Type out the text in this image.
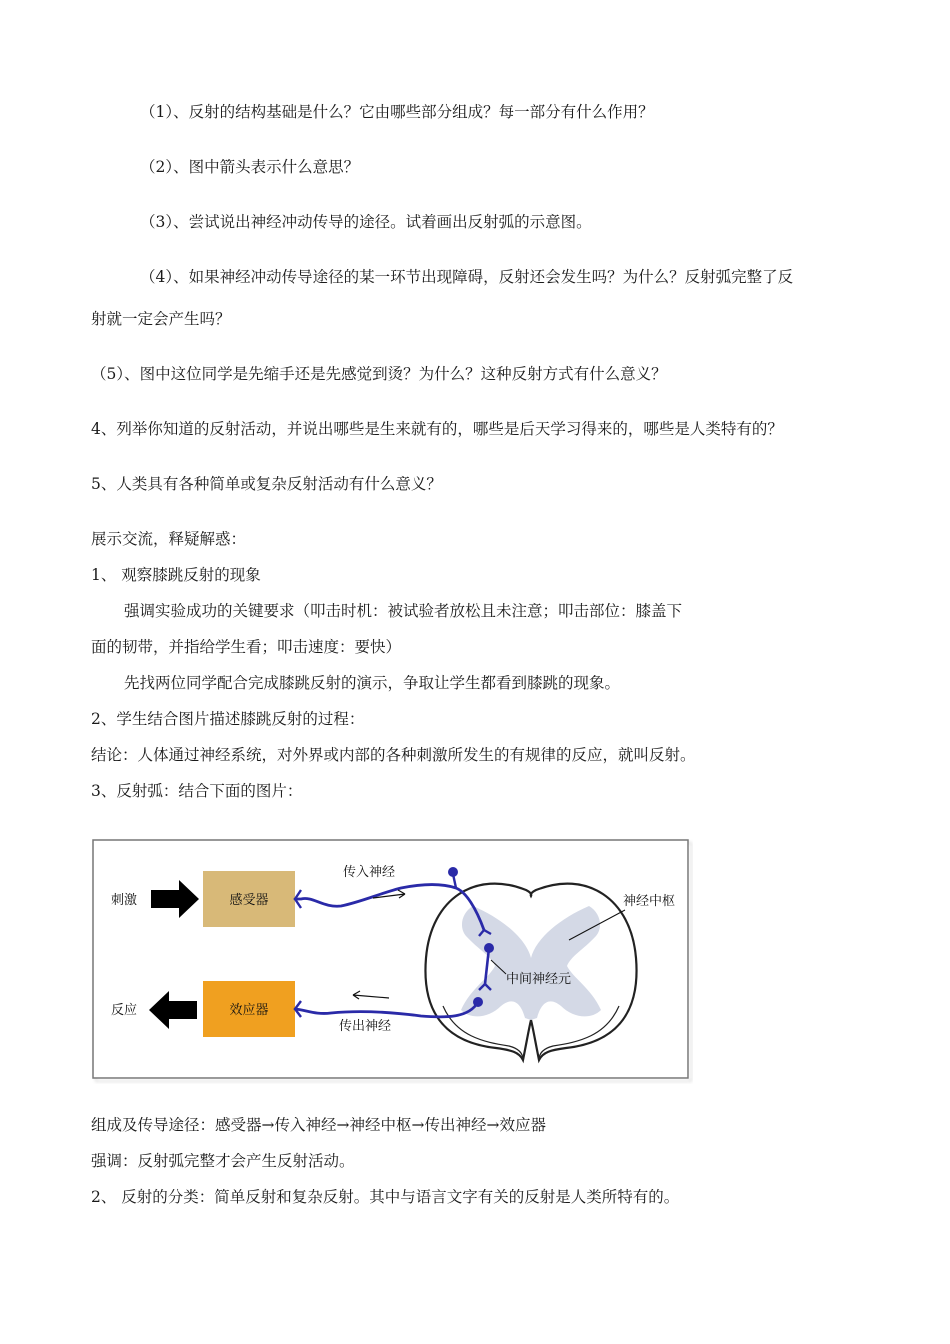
（1）、反射的结构基础是什么？它由哪些部分组成？每一部分有什么作用？
（2）、图中箭头表示什么意思？
（3）、尝试说出神经冲动传导的途径。试着画出反射弧的示意图。
（4）、如果神经冲动传导途径的某一环节出现障碍，反射还会发生吗？为什么？反射弧完整了反
射就一定会产生吗？
（5）、图中这位同学是先缩手还是先感觉到烫？为什么？这种反射方式有什么意义？
4、列举你知道的反射活动，并说出哪些是生来就有的，哪些是后天学习得来的，哪些是人类特有的？
5、人类具有各种简单或复杂反射活动有什么意义？
展示交流，释疑解惑：
1、 观察膝跳反射的现象
强调实验成功的关键要求（叩击时机：被试验者放松且未注意；叩击部位：膝盖下
面的韧带，并指给学生看；叩击速度：要快）
先找两位同学配合完成膝跳反射的演示，争取让学生都看到膝跳的现象。
2、学生结合图片描述膝跳反射的过程：
结论：人体通过神经系统，对外界或内部的各种刺激所发生的有规律的反应，就叫反射。
3、反射弧：结合下面的图片：
感受器
效应器
刺激
反应
传入神经
中间神经元
传出神经
神经中枢
组成及传导途径：感受器→传入神经→神经中枢→传出神经→效应器
强调：反射弧完整才会产生反射活动。
2、 反射的分类：简单反射和复杂反射。其中与语言文字有关的反射是人类所特有的。
